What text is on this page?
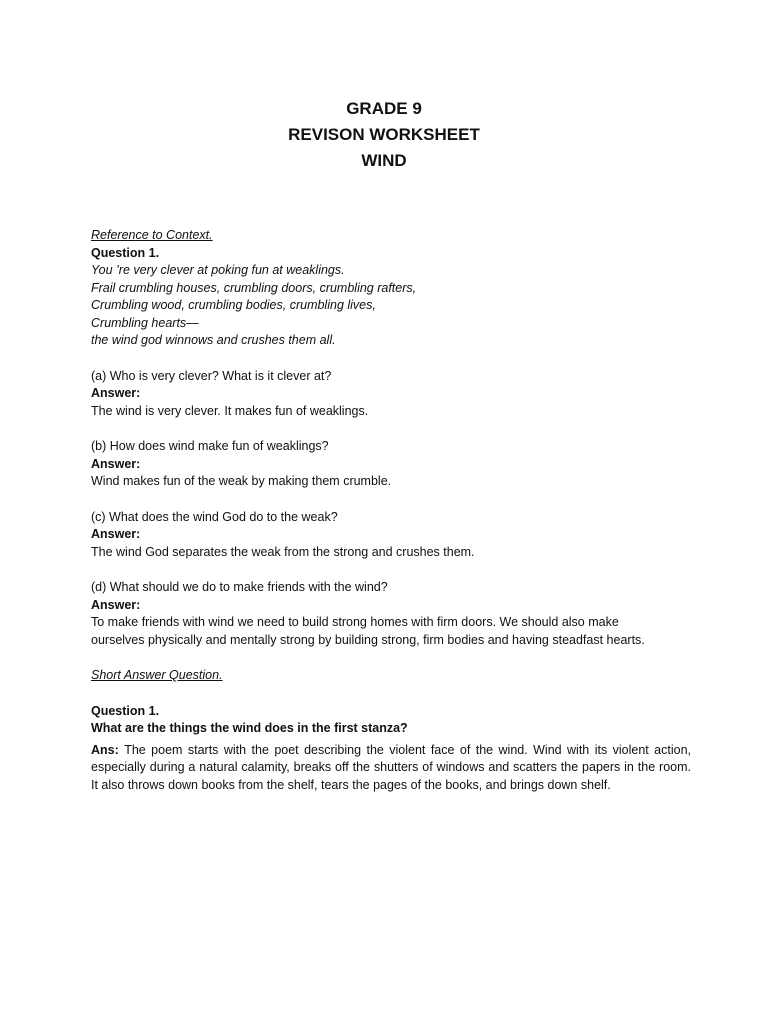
GRADE 9
REVISON WORKSHEET
WIND
Reference to Context.
Question 1.
You ’re very clever at poking fun at weaklings.
Frail crumbling houses, crumbling doors, crumbling rafters,
Crumbling wood, crumbling bodies, crumbling lives,
Crumbling hearts—
the wind god winnows and crushes them all.
(a) Who is very clever? What is it clever at?
Answer:
The wind is very clever. It makes fun of weaklings.
(b) How does wind make fun of weaklings?
Answer:
Wind makes fun of the weak by making them crumble.
(c) What does the wind God do to the weak?
Answer:
The wind God separates the weak from the strong and crushes them.
(d) What should we do to make friends with the wind?
Answer:
To make friends with wind we need to build strong homes with firm doors. We should also make
ourselves physically and mentally strong by building strong, firm bodies and having steadfast hearts.
Short Answer Question.
Question 1.
What are the things the wind does in the first stanza?
Ans: The poem starts with the poet describing the violent face of the wind. Wind with its violent action, especially during a natural calamity, breaks off the shutters of windows and scatters the papers in the room. It also throws down books from the shelf, tears the pages of the books, and brings down shelf.
